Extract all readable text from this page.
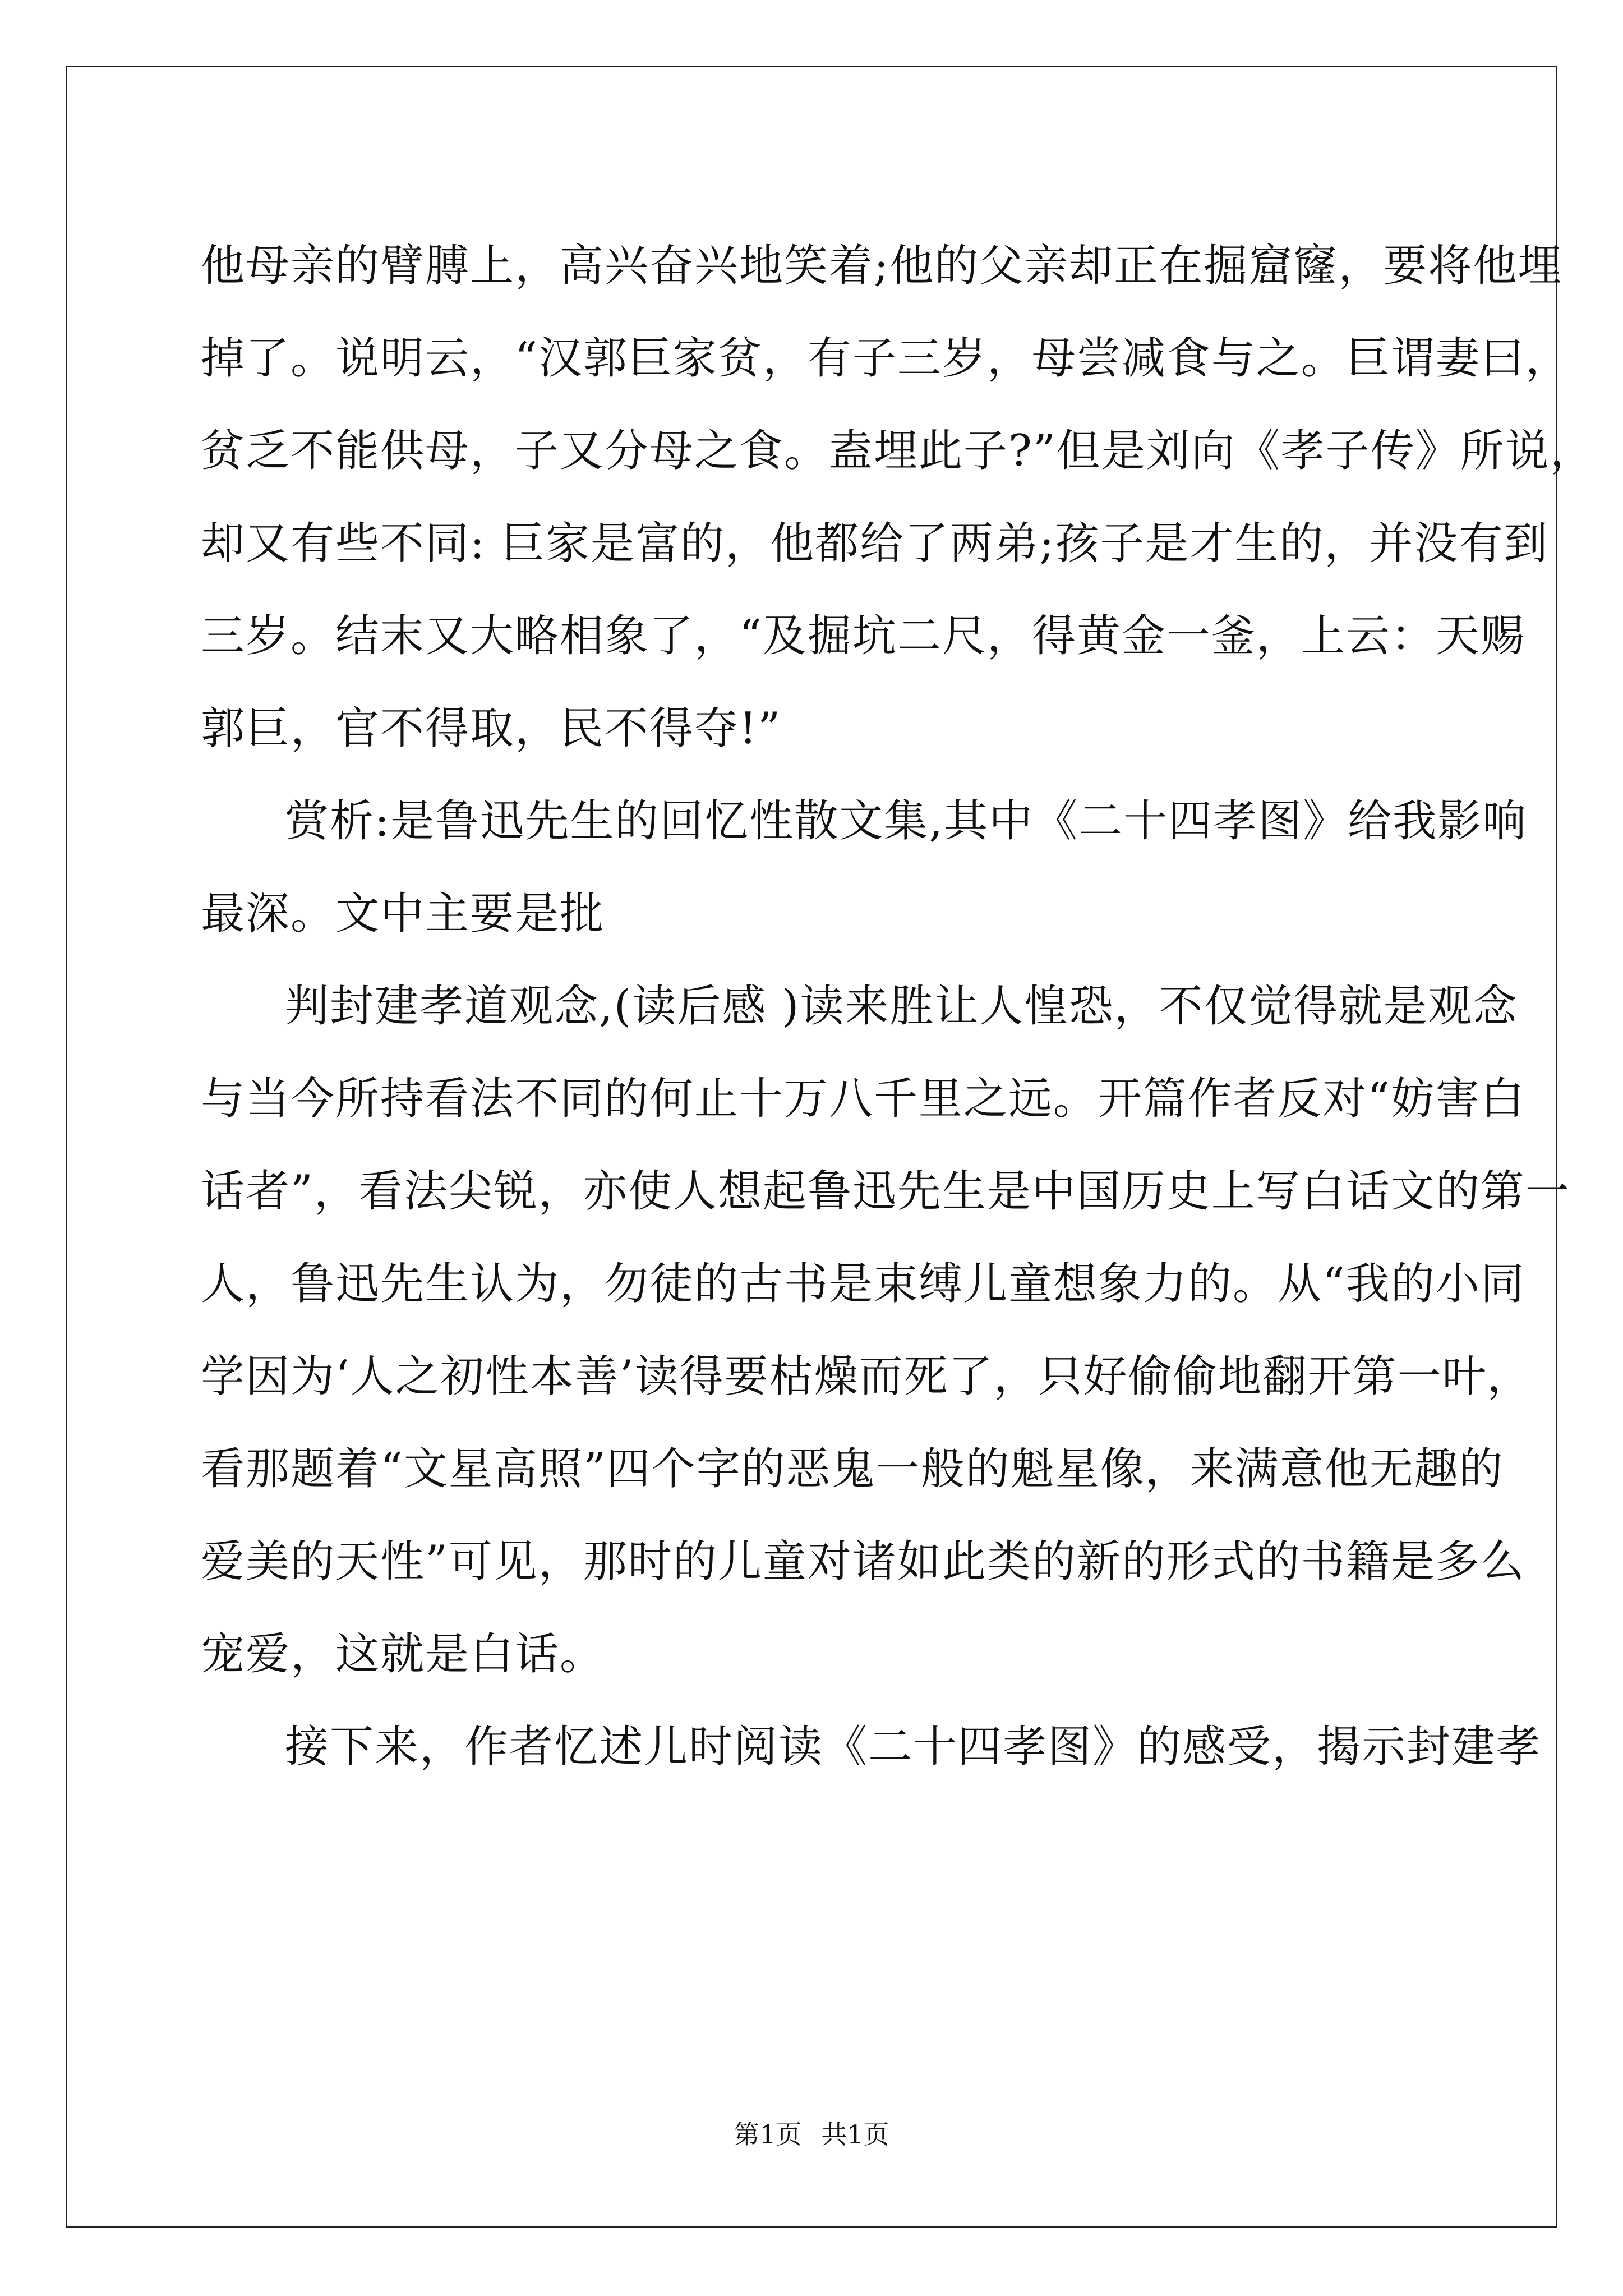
他母亲的臂膊上，高兴奋兴地笑着;他的父亲却正在掘窟窿，要将他埋
掉了。说明云，“汉郭巨家贫，有子三岁，母尝减食与之。巨谓妻曰，
贫乏不能供母，子又分母之食。盍埋此子?”但是刘向《孝子传》所说，
却又有些不同: 巨家是富的，他都给了两弟;孩子是才生的，并没有到
三岁。结末又大略相象了，“及掘坑二尺，得黄金一釜，上云：天赐
郭巨，官不得取，民不得夺!”
赏析:是鲁迅先生的回忆性散文集,其中《二十四孝图》给我影响
最深。文中主要是批
判封建孝道观念,(读后感 )读来胜让人惶恐，不仅觉得就是观念
与当今所持看法不同的何止十万八千里之远。开篇作者反对“妨害白
话者”，看法尖锐，亦使人想起鲁迅先生是中国历史上写白话文的第一
人，鲁迅先生认为，勿徒的古书是束缚儿童想象力的。从“我的小同
学因为‘人之初性本善’读得要枯燥而死了，只好偷偷地翻开第一叶，
看那题着“文星高照”四个字的恶鬼一般的魁星像，来满意他无趣的
爱美的天性”可见，那时的儿童对诸如此类的新的形式的书籍是多么
宠爱，这就是白话。
接下来，作者忆述儿时阅读《二十四孝图》的感受，揭示封建孝
第1页 共1页
